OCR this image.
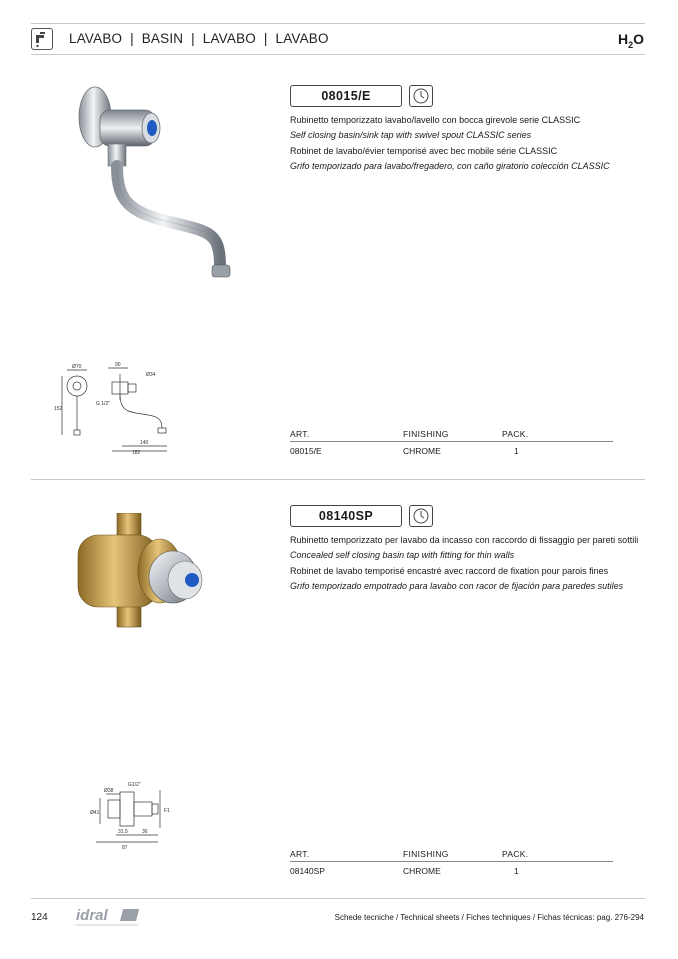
LAVABO  |  BASIN  |  LAVABO  |  LAVABO	$H_2O$
Ø70	90
Ø34
152
G 1/2"
140
182
08015/E
Rubinetto temporizzato lavabo/lavello con bocca girevole serie CLASSIC
Self closing basin/sink tap with swivel spout CLASSIC series
Robinet de lavabo/évier temporisé avec bec mobile série CLASSIC
Grifo temporizado para lavabo/fregadero, con caño giratorio colección CLASSIC
ART.	FINISHING	PACK.
08015/E	CHROME	1
G1/2"
Ø38
Ø41	F1
31.5	36
87
08140SP
Rubinetto temporizzato per lavabo da incasso con raccordo di fissaggio per pareti sottili
Concealed self closing basin tap with fitting for thin walls
Robinet de lavabo temporisé encastré avec raccord de fixation pour parois fines
Grifo temporizado empotrado para lavabo con racor de fijación para paredes sutiles
ART.	FINISHING	PACK.
08140SP	CHROME	1
124 idral	Schede tecniche / Technical sheets / Fiches techniques / Fichas técnicas: pag. 276-294
